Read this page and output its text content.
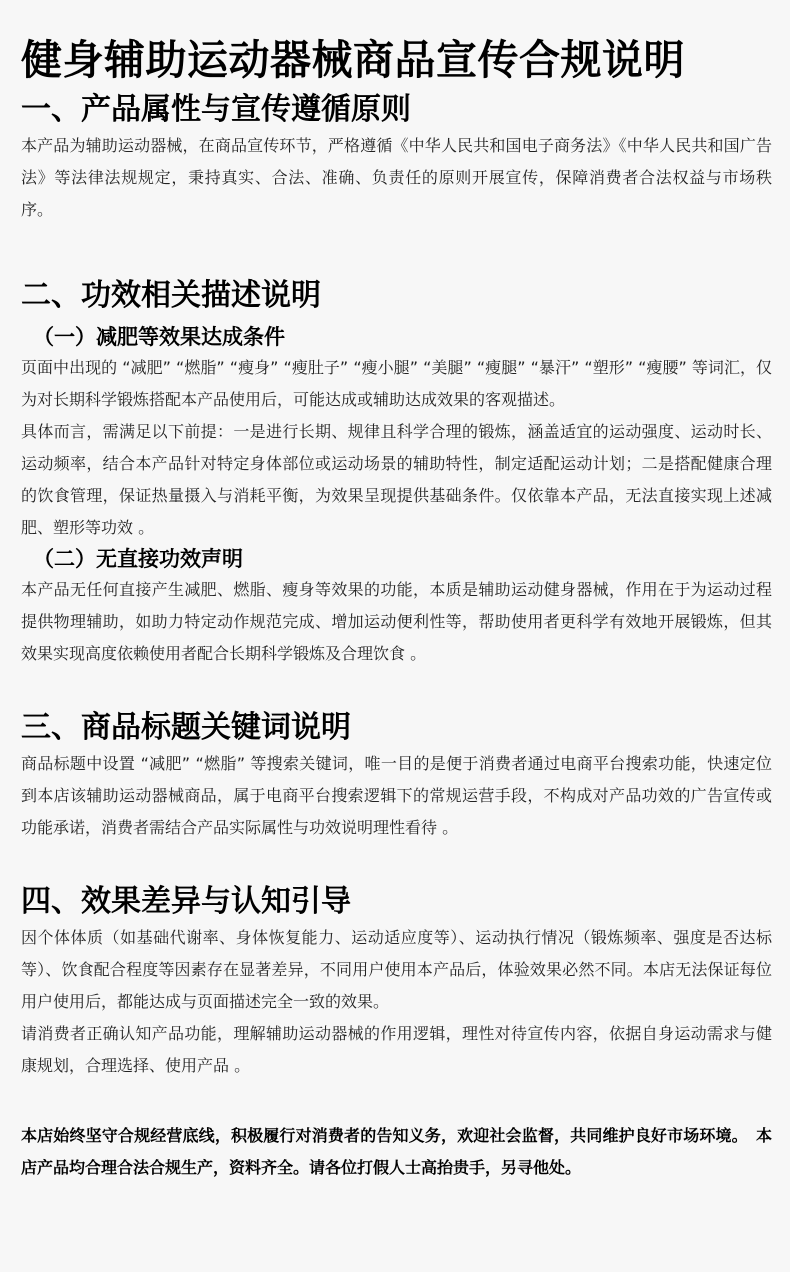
健身辅助运动器械商品宣传合规说明
一、产品属性与宣传遵循原则

本产品为辅助运动器械，在商品宣传环节，严格遵循《中华人民共和国电子商务法》《中华人民共和国广告法》等法律法规规定，秉持真实、合法、准确、负责任的原则开展宣传，保障消费者合法权益与市场秩序。

二、功效相关描述说明
（一）减肥等效果达成条件

页面中出现的 “减肥” “燃脂” “瘦身” “瘦肚子” “瘦小腿” “美腿” “瘦腿” “暴汗” “塑形” “瘦腰” 等词汇，仅为对长期科学锻炼搭配本产品使用后，可能达成或辅助达成效果的客观描述。

具体而言，需满足以下前提：一是进行长期、规律且科学合理的锻炼，涵盖适宜的运动强度、运动时长、运动频率，结合本产品针对特定身体部位或运动场景的辅助特性，制定适配运动计划；二是搭配健康合理的饮食管理，保证热量摄入与消耗平衡，为效果呈现提供基础条件。仅依靠本产品，无法直接实现上述减肥、塑形等功效 。

（二）无直接功效声明

本产品无任何直接产生减肥、燃脂、瘦身等效果的功能，本质是辅助运动健身器械，作用在于为运动过程提供物理辅助，如助力特定动作规范完成、增加运动便利性等，帮助使用者更科学有效地开展锻炼，但其效果实现高度依赖使用者配合长期科学锻炼及合理饮食 。

三、商品标题关键词说明

商品标题中设置 “减肥” “燃脂” 等搜索关键词，唯一目的是便于消费者通过电商平台搜索功能，快速定位到本店该辅助运动器械商品，属于电商平台搜索逻辑下的常规运营手段，不构成对产品功效的广告宣传或功能承诺，消费者需结合产品实际属性与功效说明理性看待 。

四、效果差异与认知引导

因个体体质（如基础代谢率、身体恢复能力、运动适应度等）、运动执行情况（锻炼频率、强度是否达标等）、饮食配合程度等因素存在显著差异，不同用户使用本产品后，体验效果必然不同。本店无法保证每位用户使用后，都能达成与页面描述完全一致的效果。

请消费者正确认知产品功能，理解辅助运动器械的作用逻辑，理性对待宣传内容，依据自身运动需求与健康规划，合理选择、使用产品 。

本店始终坚守合规经营底线，积极履行对消费者的告知义务，欢迎社会监督，共同维护良好市场环境。　本店产品均合理合法合规生产，资料齐全。请各位打假人士高抬贵手，另寻他处。
